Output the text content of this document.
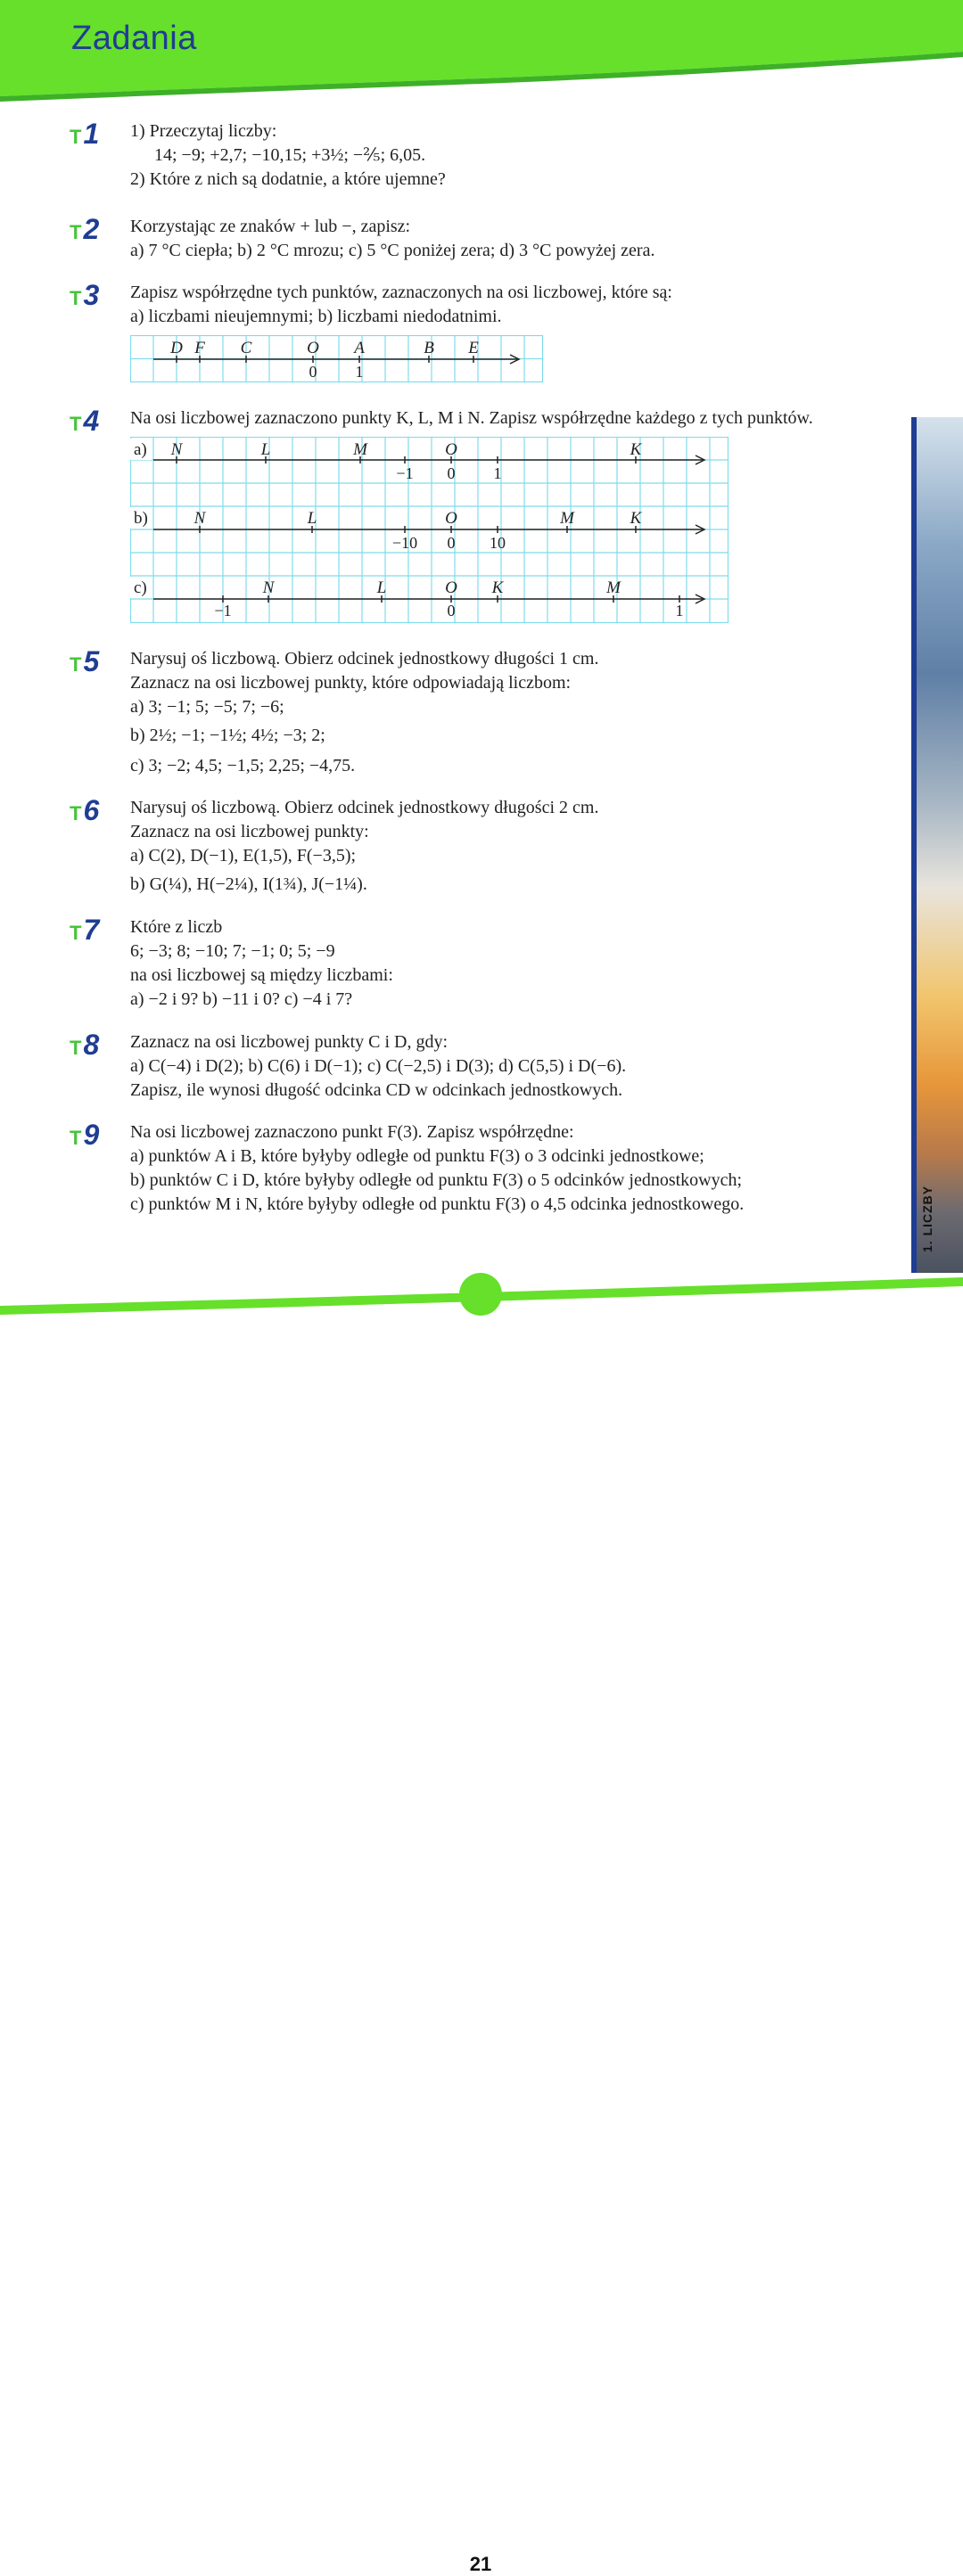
Zadania
1. LICZBY
21
T1 1) Przeczytaj liczby:
14; −9; +2,7; −10,15; +3½; −⅖; 6,05.
2) Które z nich są dodatnie, a które ujemne?
T2 Korzystając ze znaków + lub −, zapisz:
a) 7 °C ciepła; b) 2 °C mrozu; c) 5 °C poniżej zera; d) 3 °C powyżej zera.
T3 Zapisz współrzędne tych punktów, zaznaczonych na osi liczbowej, które są:
a) liczbami nieujemnymi; b) liczbami niedodatnimi.
D F C	O A	B E
0 1
T4 Na osi liczbowej zaznaczono punkty K, L, M i N. Zapisz współrzędne każdego z tych punktów.
a) N	L	M	O	K
−1 0 1
b)	N	L	O	M	K
−10 0 10
c)	N	L	O K	M
−1	0	1
T5 Narysuj oś liczbową. Obierz odcinek jednostkowy długości 1 cm.
Zaznacz na osi liczbowej punkty, które odpowiadają liczbom:
a) 3; −1; 5; −5; 7; −6;
b) 2½; −1; −1½; 4½; −3; 2;
c) 3; −2; 4,5; −1,5; 2,25; −4,75.
T6 Narysuj oś liczbową. Obierz odcinek jednostkowy długości 2 cm.
Zaznacz na osi liczbowej punkty:
a) C(2), D(−1), E(1,5), F(−3,5);
b) G(¼), H(−2¼), I(1¾), J(−1¼).
T7 Które z liczb
6; −3; 8; −10; 7; −1; 0; 5; −9
na osi liczbowej są między liczbami:
a) −2 i 9? b) −11 i 0? c) −4 i 7?
T8 Zaznacz na osi liczbowej punkty C i D, gdy:
a) C(−4) i D(2); b) C(6) i D(−1); c) C(−2,5) i D(3); d) C(5,5) i D(−6).
Zapisz, ile wynosi długość odcinka CD w odcinkach jednostkowych.
T9 Na osi liczbowej zaznaczono punkt F(3). Zapisz współrzędne:
a) punktów A i B, które byłyby odległe od punktu F(3) o 3 odcinki jednostkowe;
b) punktów C i D, które byłyby odległe od punktu F(3) o 5 odcinków jednostkowych;
c) punktów M i N, które byłyby odległe od punktu F(3) o 4,5 odcinka jednostkowego.
